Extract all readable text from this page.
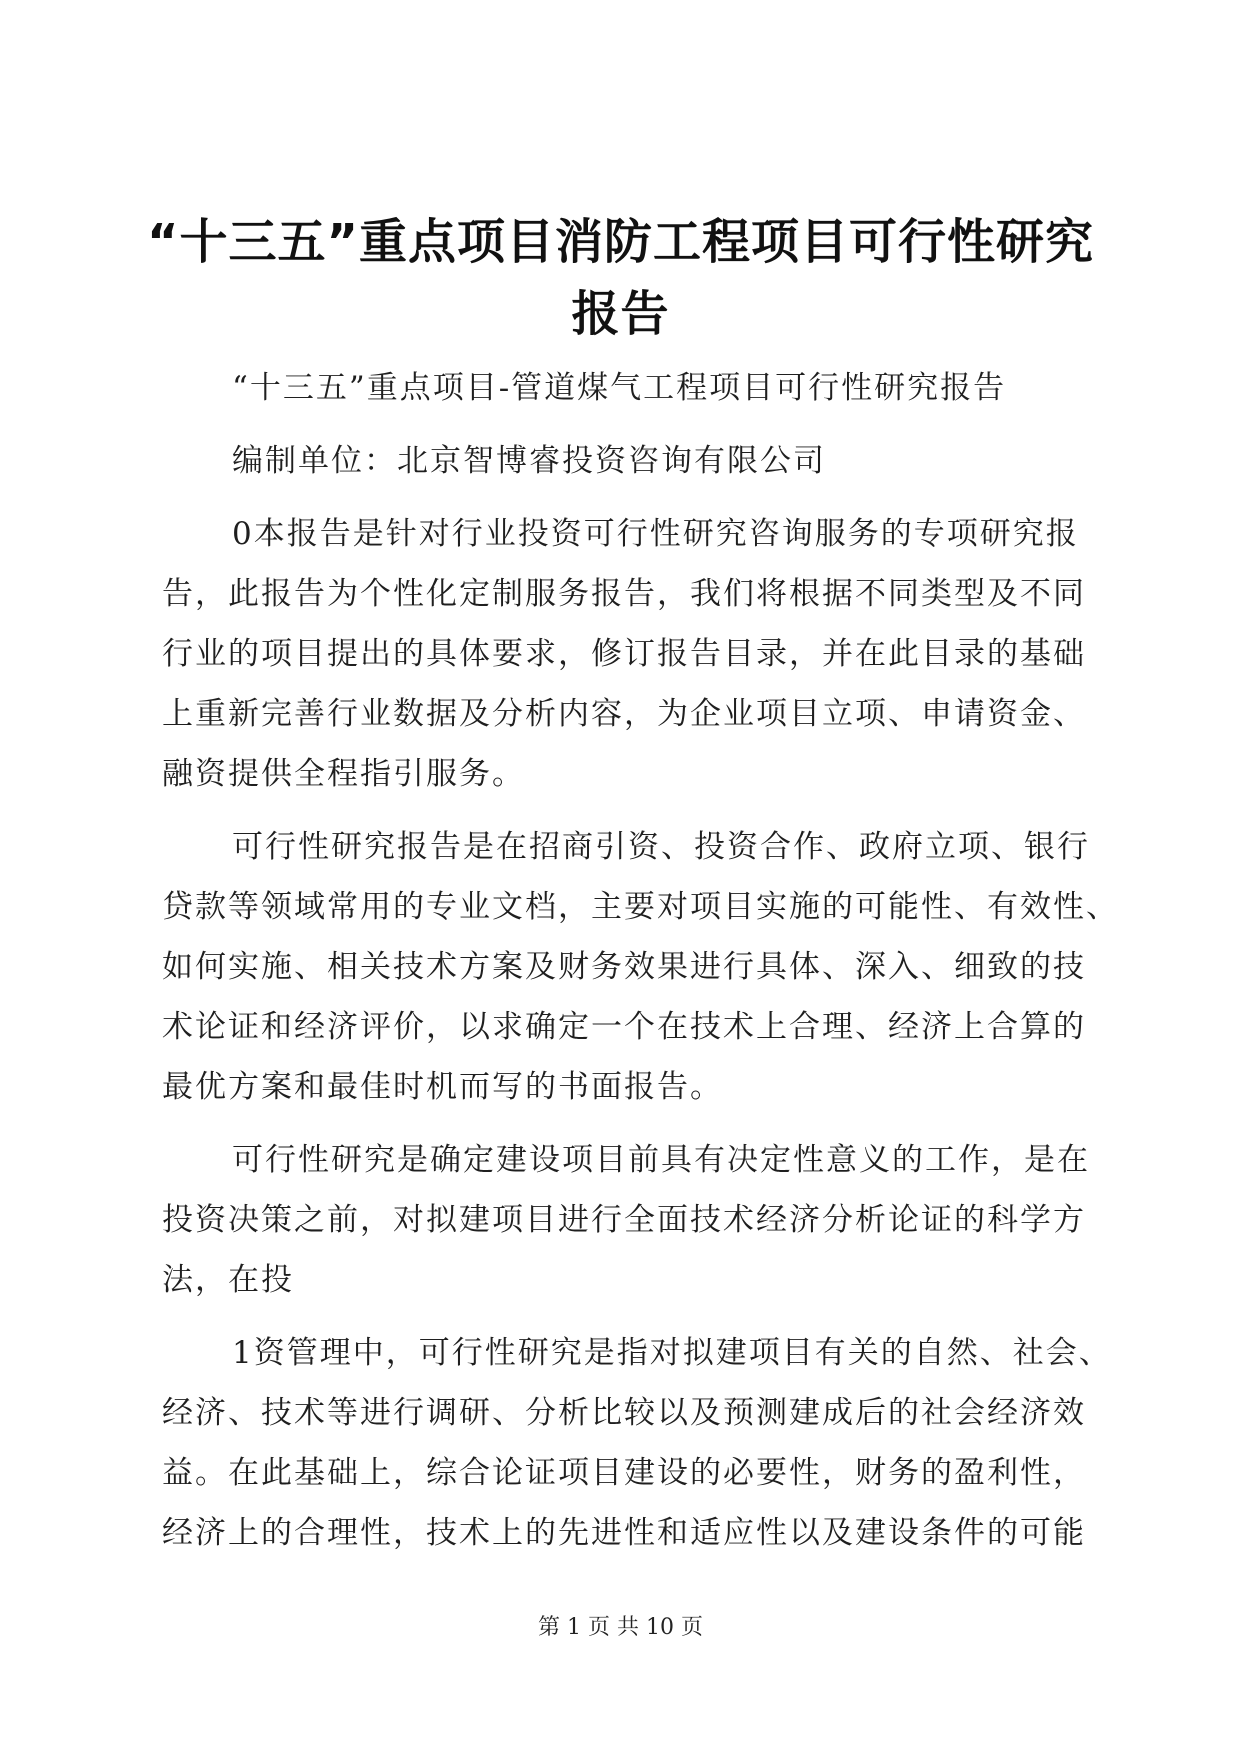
“十三五”重点项目消防工程项目可行性研究
报告

“十三五”重点项目-管道煤气工程项目可行性研究报告

编制单位：北京智博睿投资咨询有限公司

0本报告是针对行业投资可行性研究咨询服务的专项研究报
告，此报告为个性化定制服务报告，我们将根据不同类型及不同
行业的项目提出的具体要求，修订报告目录，并在此目录的基础
上重新完善行业数据及分析内容，为企业项目立项、申请资金、
融资提供全程指引服务。

可行性研究报告是在招商引资、投资合作、政府立项、银行
贷款等领域常用的专业文档，主要对项目实施的可能性、有效性、
如何实施、相关技术方案及财务效果进行具体、深入、细致的技
术论证和经济评价，以求确定一个在技术上合理、经济上合算的
最优方案和最佳时机而写的书面报告。

可行性研究是确定建设项目前具有决定性意义的工作，是在
投资决策之前，对拟建项目进行全面技术经济分析论证的科学方
法，在投

1资管理中，可行性研究是指对拟建项目有关的自然、社会、
经济、技术等进行调研、分析比较以及预测建成后的社会经济效
益。在此基础上，综合论证项目建设的必要性，财务的盈利性，
经济上的合理性，技术上的先进性和适应性以及建设条件的可能

第 1 页 共 10 页
